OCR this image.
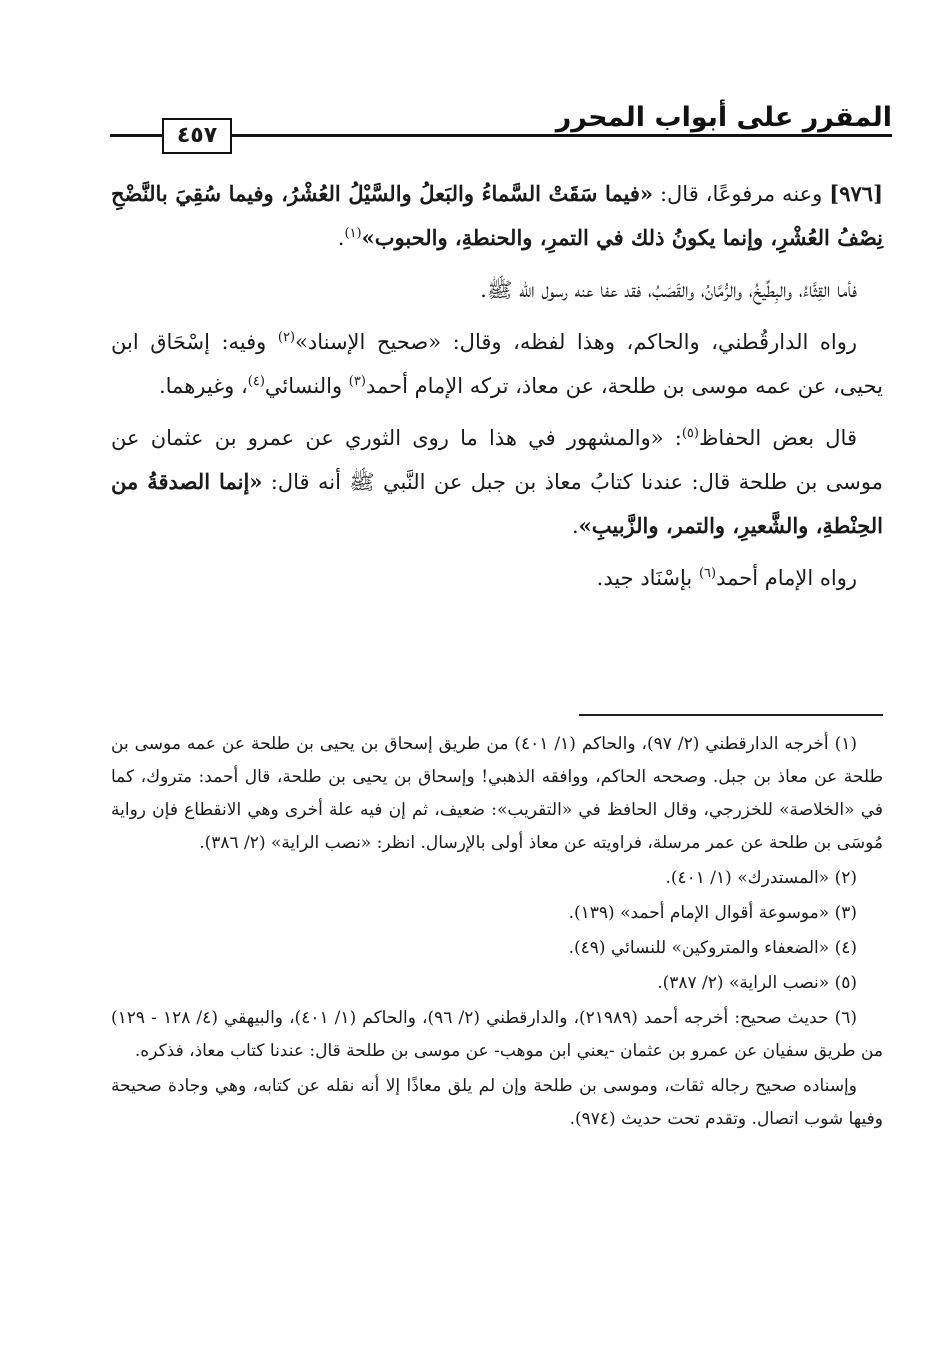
المقرر على أبواب المحرر
٤٥٧

[٩٧٦] وعنه مرفوعًا، قال: «فيما سَقَتْ السَّماءُ والبَعلُ والسَّيْلُ العُشْرُ، وفيما سُقِيَ بالنَّضْحِ نِصْفُ العُشْرِ، وإنما يكونُ ذلك في التمرِ، والحنطةِ، والحبوب»$^{(١)}$.

فأما القِثَّاءُ، والبِطِّيخُ، والرُّمَّانُ، والقَصَبُ، فقد عفا عنه رسول الله ﷺ.

رواه الدارقُطني، والحاكم، وهذا لفظه، وقال: «صحيح الإسناد»$^{(٢)}$ وفيه: إسْحَاق ابن يحيى، عن عمه موسى بن طلحة، عن معاذ، تركه الإمام أحمد$^{(٣)}$ والنسائي$^{(٤)}$، وغيرهما.

قال بعض الحفاظ$^{(٥)}$: «والمشهور في هذا ما روى الثوري عن عمرو بن عثمان عن موسى بن طلحة قال: عندنا كتابُ معاذ بن جبل عن النَّبي ﷺ أنه قال: «إنما الصدقةُ من الحِنْطةِ، والشَّعيرِ، والتمر، والزَّبيبِ».

رواه الإمام أحمد$^{(٦)}$ بإسْنَاد جيد.

(١) أخرجه الدارقطني (٢/ ٩٧)، والحاكم (١/ ٤٠١) من طريق إسحاق بن يحيى بن طلحة عن عمه موسى بن طلحة عن معاذ بن جبل. وصححه الحاكم، ووافقه الذهبي! وإسحاق بن يحيى بن طلحة، قال أحمد: متروك، كما في «الخلاصة» للخزرجي، وقال الحافظ في «التقريب»: ضعيف، ثم إن فيه علة أخرى وهي الانقطاع فإن رواية مُوسَى بن طلحة عن عمر مرسلة، فراويته عن معاذ أولى بالإرسال. انظر: «نصب الراية» (٢/ ٣٨٦).

(٢) «المستدرك» (١/ ٤٠١).

(٣) «موسوعة أقوال الإمام أحمد» (١٣٩).

(٤) «الضعفاء والمتروكين» للنسائي (٤٩).

(٥) «نصب الراية» (٢/ ٣٨٧).

(٦) حديث صحيح: أخرجه أحمد (٢١٩٨٩)، والدارقطني (٢/ ٩٦)، والحاكم (١/ ٤٠١)، والبيهقي (٤/ ١٢٨ - ١٢٩) من طريق سفيان عن عمرو بن عثمان -يعني ابن موهب- عن موسى بن طلحة قال: عندنا كتاب معاذ، فذكره.

وإسناده صحيح رجاله ثقات، وموسى بن طلحة وإن لم يلق معاذًا إلا أنه نقله عن كتابه، وهي وجادة صحيحة وفيها شوب اتصال. وتقدم تحت حديث (٩٧٤).
